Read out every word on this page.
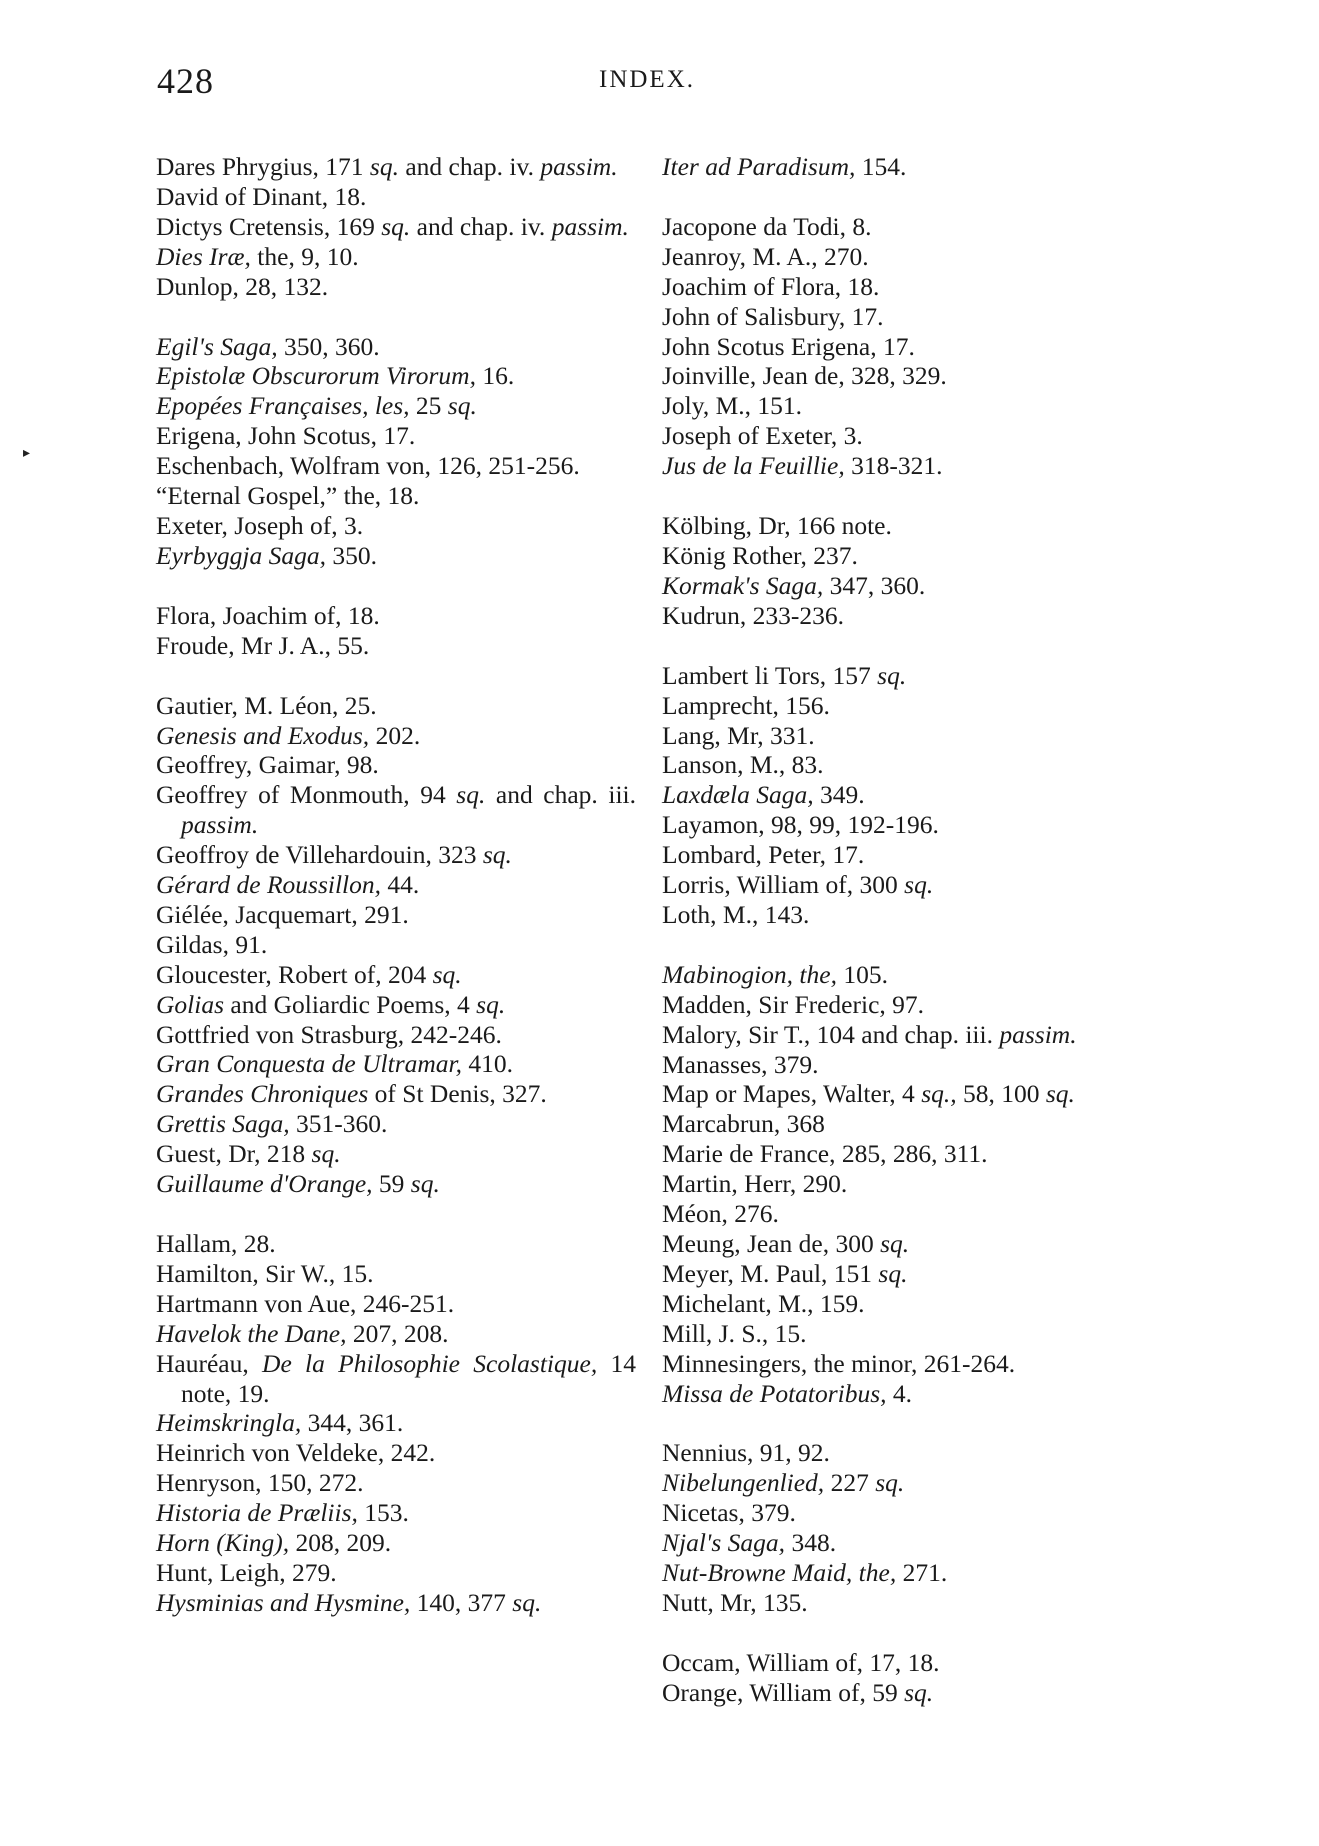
428	INDEX.
▸
Dares Phrygius, 171 sq. and chap. iv. passim.
David of Dinant, 18.
Dictys Cretensis, 169 sq. and chap. iv. passim.
Dies Iræ, the, 9, 10.
Dunlop, 28, 132.
Egil's Saga, 350, 360.
Epistolæ Obscurorum Virorum, 16.
Epopées Françaises, les, 25 sq.
Erigena, John Scotus, 17.
Eschenbach, Wolfram von, 126, 251-256.
“Eternal Gospel,” the, 18.
Exeter, Joseph of, 3.
Eyrbyggja Saga, 350.
Flora, Joachim of, 18.
Froude, Mr J. A., 55.
Gautier, M. Léon, 25.
Genesis and Exodus, 202.
Geoffrey, Gaimar, 98.
Geoffrey of Monmouth, 94 sq. and chap. iii. passim.
Geoffroy de Villehardouin, 323 sq.
Gérard de Roussillon, 44.
Giélée, Jacquemart, 291.
Gildas, 91.
Gloucester, Robert of, 204 sq.
Golias and Goliardic Poems, 4 sq.
Gottfried von Strasburg, 242-246.
Gran Conquesta de Ultramar, 410.
Grandes Chroniques of St Denis, 327.
Grettis Saga, 351-360.
Guest, Dr, 218 sq.
Guillaume d'Orange, 59 sq.
Hallam, 28.
Hamilton, Sir W., 15.
Hartmann von Aue, 246-251.
Havelok the Dane, 207, 208.
Hauréau, De la Philosophie Scolastique, 14 note, 19.
Heimskringla, 344, 361.
Heinrich von Veldeke, 242.
Henryson, 150, 272.
Historia de Præliis, 153.
Horn (King), 208, 209.
Hunt, Leigh, 279.
Hysminias and Hysmine, 140, 377 sq.
Iter ad Paradisum, 154.
Jacopone da Todi, 8.
Jeanroy, M. A., 270.
Joachim of Flora, 18.
John of Salisbury, 17.
John Scotus Erigena, 17.
Joinville, Jean de, 328, 329.
Joly, M., 151.
Joseph of Exeter, 3.
Jus de la Feuillie, 318-321.
Kölbing, Dr, 166 note.
König Rother, 237.
Kormak's Saga, 347, 360.
Kudrun, 233-236.
Lambert li Tors, 157 sq.
Lamprecht, 156.
Lang, Mr, 331.
Lanson, M., 83.
Laxdæla Saga, 349.
Layamon, 98, 99, 192-196.
Lombard, Peter, 17.
Lorris, William of, 300 sq.
Loth, M., 143.
Mabinogion, the, 105.
Madden, Sir Frederic, 97.
Malory, Sir T., 104 and chap. iii. passim.
Manasses, 379.
Map or Mapes, Walter, 4 sq., 58, 100 sq.
Marcabrun, 368
Marie de France, 285, 286, 311.
Martin, Herr, 290.
Méon, 276.
Meung, Jean de, 300 sq.
Meyer, M. Paul, 151 sq.
Michelant, M., 159.
Mill, J. S., 15.
Minnesingers, the minor, 261-264.
Missa de Potatoribus, 4.
Nennius, 91, 92.
Nibelungenlied, 227 sq.
Nicetas, 379.
Njal's Saga, 348.
Nut-Browne Maid, the, 271.
Nutt, Mr, 135.
Occam, William of, 17, 18.
Orange, William of, 59 sq.
